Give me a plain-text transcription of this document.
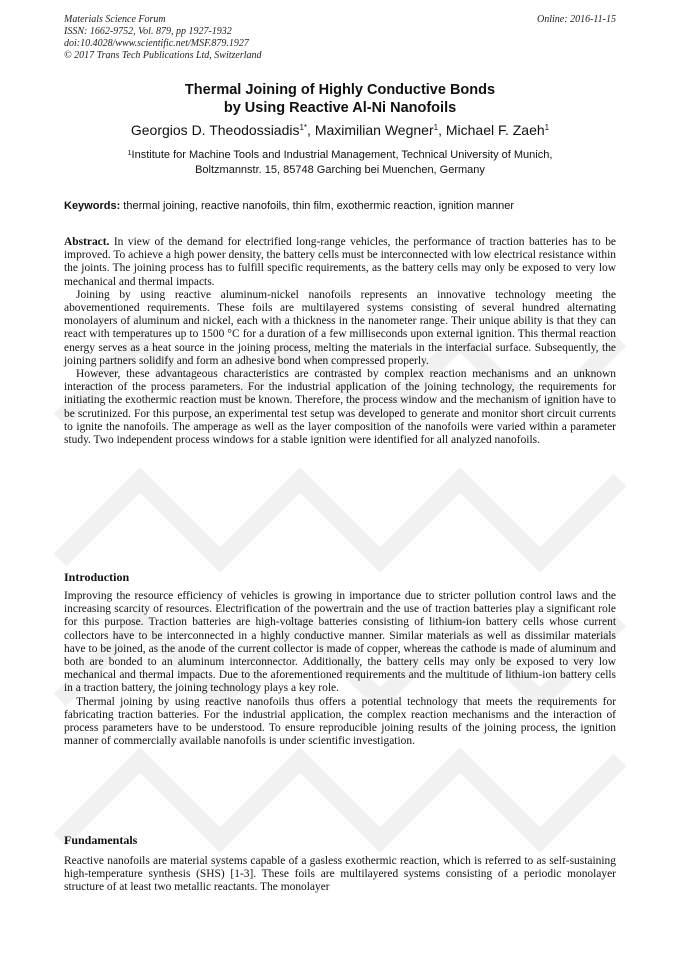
Materials Science Forum
ISSN: 1662-9752, Vol. 879, pp 1927-1932
doi:10.4028/www.scientific.net/MSF.879.1927
© 2017 Trans Tech Publications Ltd, Switzerland
Online: 2016-11-15
Thermal Joining of Highly Conductive Bonds
by Using Reactive Al-Ni Nanofoils
Georgios D. Theodossiadis$^{1*}$, Maximilian Wegner$^1$, Michael F. Zaeh$^1$
$^1$Institute for Machine Tools and Industrial Management, Technical University of Munich,
Boltzmannstr. 15, 85748 Garching bei Muenchen, Germany
Keywords: thermal joining, reactive nanofoils, thin film, exothermic reaction, ignition manner

Abstract. In view of the demand for electrified long-range vehicles, the performance of traction batteries has to be improved. To achieve a high power density, the battery cells must be interconnected with low electrical resistance within the joints. The joining process has to fulfill specific requirements, as the battery cells may only be exposed to very low mechanical and thermal impacts.

Joining by using reactive aluminum-nickel nanofoils represents an innovative technology meeting the abovementioned requirements. These foils are multilayered systems consisting of several hundred alternating monolayers of aluminum and nickel, each with a thickness in the nanometer range. Their unique ability is that they can react with temperatures up to 1500 °C for a duration of a few milliseconds upon external ignition. This thermal reaction energy serves as a heat source in the joining process, melting the materials in the interfacial surface. Subsequently, the joining partners solidify and form an adhesive bond when compressed properly.

However, these advantageous characteristics are contrasted by complex reaction mechanisms and an unknown interaction of the process parameters. For the industrial application of the joining technology, the requirements for initiating the exothermic reaction must be known. Therefore, the process window and the mechanism of ignition have to be scrutinized. For this purpose, an experimental test setup was developed to generate and monitor short circuit currents to ignite the nanofoils. The amperage as well as the layer composition of the nanofoils were varied within a parameter study. Two independent process windows for a stable ignition were identified for all analyzed nanofoils.

Introduction

Improving the resource efficiency of vehicles is growing in importance due to stricter pollution control laws and the increasing scarcity of resources. Electrification of the powertrain and the use of traction batteries play a significant role for this purpose. Traction batteries are high-voltage batteries consisting of lithium-ion battery cells whose current collectors have to be interconnected in a highly conductive manner. Similar materials as well as dissimilar materials have to be joined, as the anode of the current collector is made of copper, whereas the cathode is made of aluminum and both are bonded to an aluminum interconnector. Additionally, the battery cells may only be exposed to very low mechanical and thermal impacts. Due to the aforementioned requirements and the multitude of lithium-ion battery cells in a traction battery, the joining technology plays a key role.

Thermal joining by using reactive nanofoils thus offers a potential technology that meets the requirements for fabricating traction batteries. For the industrial application, the complex reaction mechanisms and the interaction of process parameters have to be understood. To ensure reproducible joining results of the joining process, the ignition manner of commercially available nanofoils is under scientific investigation.

Fundamentals

Reactive nanofoils are material systems capable of a gasless exothermic reaction, which is referred to as self-sustaining high-temperature synthesis (SHS) [1-3]. These foils are multilayered systems consisting of a periodic monolayer structure of at least two metallic reactants. The monolayer
